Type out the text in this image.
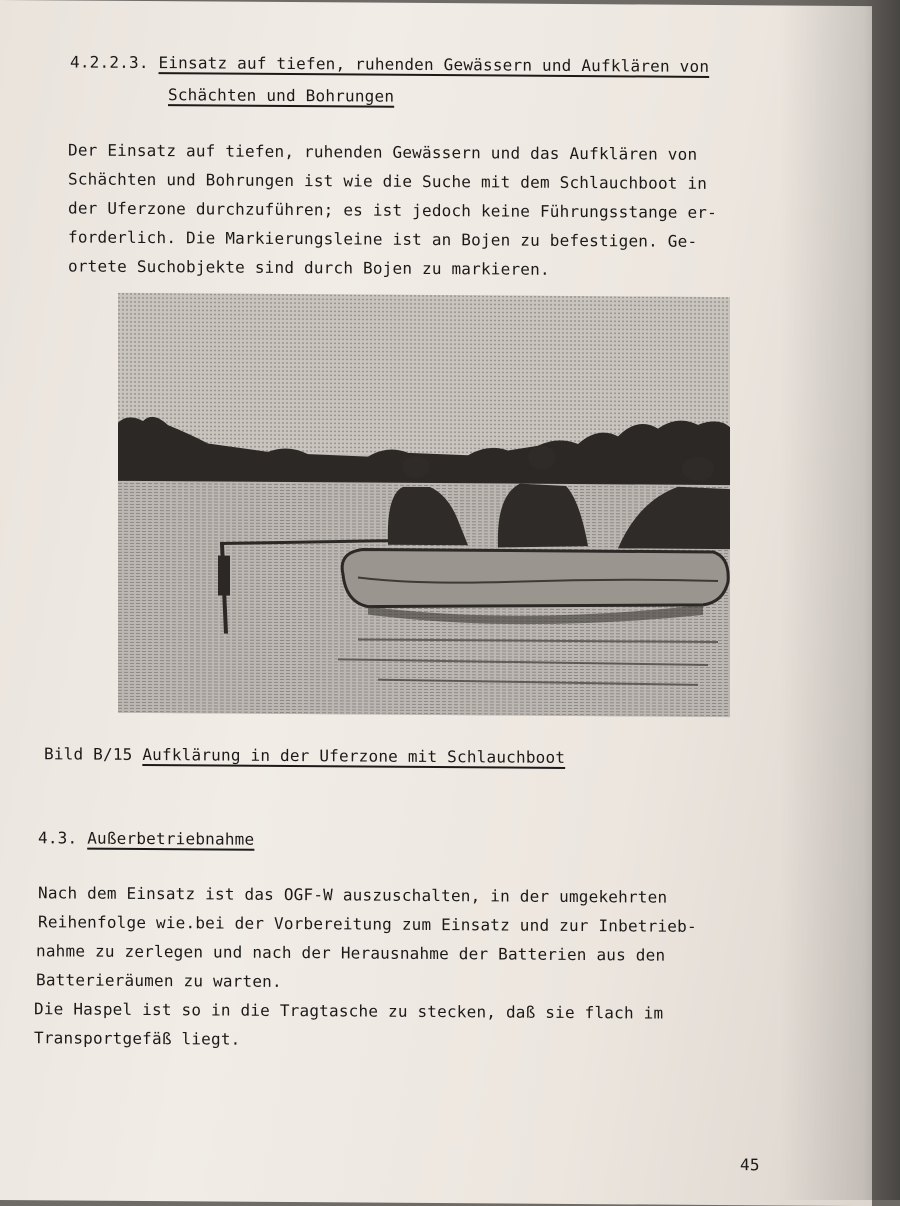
4.2.2.3. Einsatz auf tiefen, ruhenden Gewässern und Aufklären von
Schächten und Bohrungen
Der Einsatz auf tiefen, ruhenden Gewässern und das Aufklären von
Schächten und Bohrungen ist wie die Suche mit dem Schlauchboot in
der Uferzone durchzuführen; es ist jedoch keine Führungsstange er-
forderlich. Die Markierungsleine ist an Bojen zu befestigen. Ge-
ortete Suchobjekte sind durch Bojen zu markieren.
Bild B/15 Aufklärung in der Uferzone mit Schlauchboot
4.3. Außerbetriebnahme
Nach dem Einsatz ist das OGF-W auszuschalten, in der umgekehrten
Reihenfolge wie.bei der Vorbereitung zum Einsatz und zur Inbetrieb-
nahme zu zerlegen und nach der Herausnahme der Batterien aus den
Batterieräumen zu warten.
Die Haspel ist so in die Tragtasche zu stecken, daß sie flach im
Transportgefäß liegt.
45
